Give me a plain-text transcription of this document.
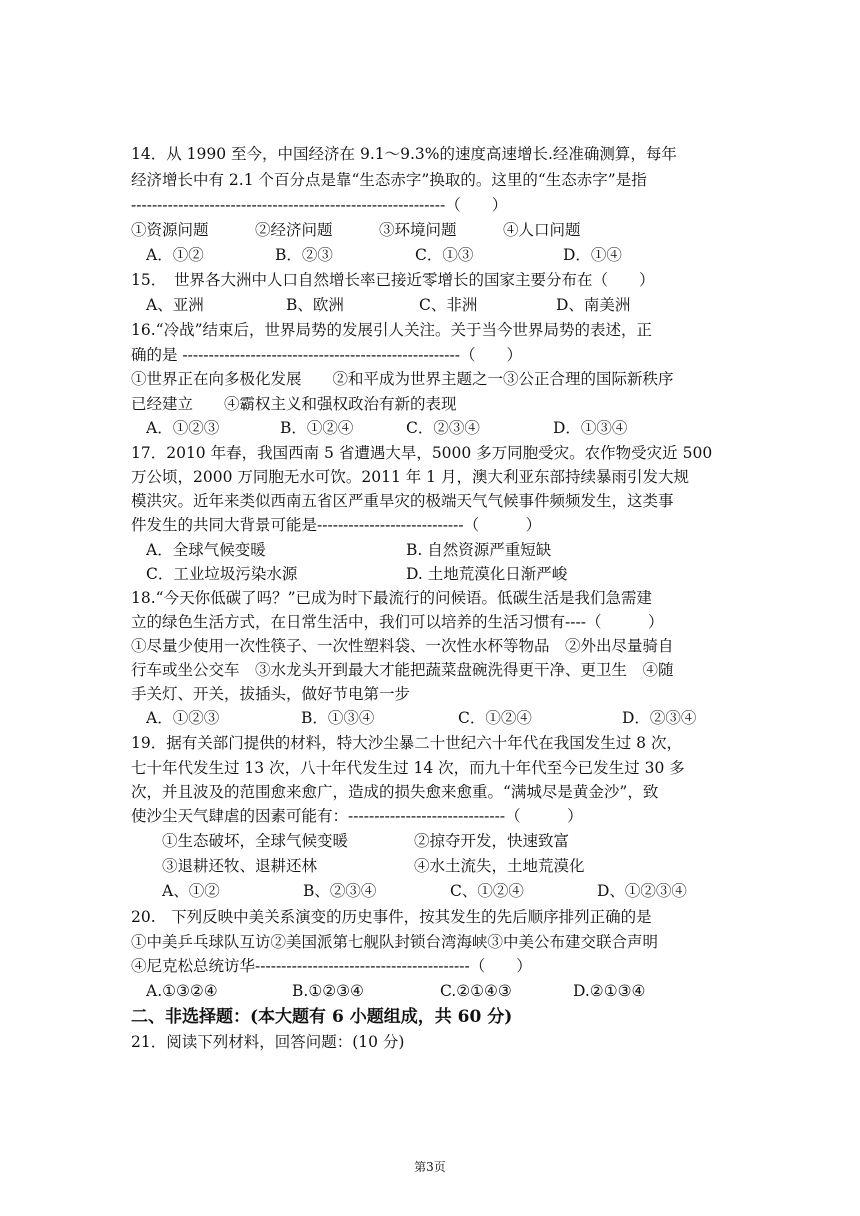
14．从 1990 至今，中国经济在 9.1～9.3%的速度高速增长.经准确测算，每年
经济增长中有 2.1 个百分点是靠“生态赤字”换取的。这里的“生态赤字”是指
------------------------------------------------------------（　　）
①资源问题　　　②经济问题　　　③环境问题　　　④人口问题
A．①②	B．②③	C．①③	D．①④
15．　世界各大洲中人口自然增长率已接近零增长的国家主要分布在（　　）
A、亚洲	B、欧洲	C、非洲	D、南美洲
16.“冷战”结束后，世界局势的发展引人关注。关于当今世界局势的表述，正
确的是 -----------------------------------------------------（　　）
①世界正在向多极化发展　　②和平成为世界主题之一③公正合理的国际新秩序
已经建立　　④霸权主义和强权政治有新的表现
A．①②③	B．①②④	C．②③④	D．①③④
17．2010 年春，我国西南 5 省遭遇大旱，5000 多万同胞受灾。农作物受灾近 500
万公顷，2000 万同胞无水可饮。2011 年 1 月，澳大利亚东部持续暴雨引发大规
模洪灾。近年来类似西南五省区严重旱灾的极端天气气候事件频频发生，这类事
件发生的共同大背景可能是----------------------------（　　　）
A．全球气候变暖	B. 自然资源严重短缺
C．工业垃圾污染水源	D. 土地荒漠化日渐严峻
18.“今天你低碳了吗？”已成为时下最流行的问候语。低碳生活是我们急需建
立的绿色生活方式，在日常生活中，我们可以培养的生活习惯有----（　　　）
①尽量少使用一次性筷子、一次性塑料袋、一次性水杯等物品　②外出尽量骑自
行车或坐公交车　③水龙头开到最大才能把蔬菜盘碗洗得更干净、更卫生　④随
手关灯、开关，拔插头，做好节电第一步
A．①②③	B．①③④	C．①②④	D．②③④
19．据有关部门提供的材料，特大沙尘暴二十世纪六十年代在我国发生过 8 次，
七十年代发生过 13 次，八十年代发生过 14 次，而九十年代至今已发生过 30 多
次，并且波及的范围愈来愈广，造成的损失愈来愈重。“满城尽是黄金沙”，致
使沙尘天气肆虐的因素可能有：------------------------------（　　　）
①生态破坏，全球气候变暖	②掠夺开发，快速致富
③退耕还牧、退耕还林	④水土流失，土地荒漠化
A、①②	B、②③④	C、①②④	D、①②③④
20.　下列反映中美关系演变的历史事件，按其发生的先后顺序排列正确的是
①中美乒乓球队互访②美国派第七舰队封锁台湾海峡③中美公布建交联合声明
④尼克松总统访华-----------------------------------------（　　）
A.①③②④	B.①②③④	C.②①④③	D.②①③④
二、非选择题：(本大题有 6 小题组成，共 60 分)
21．阅读下列材料，回答问题：(10 分)
第3页
